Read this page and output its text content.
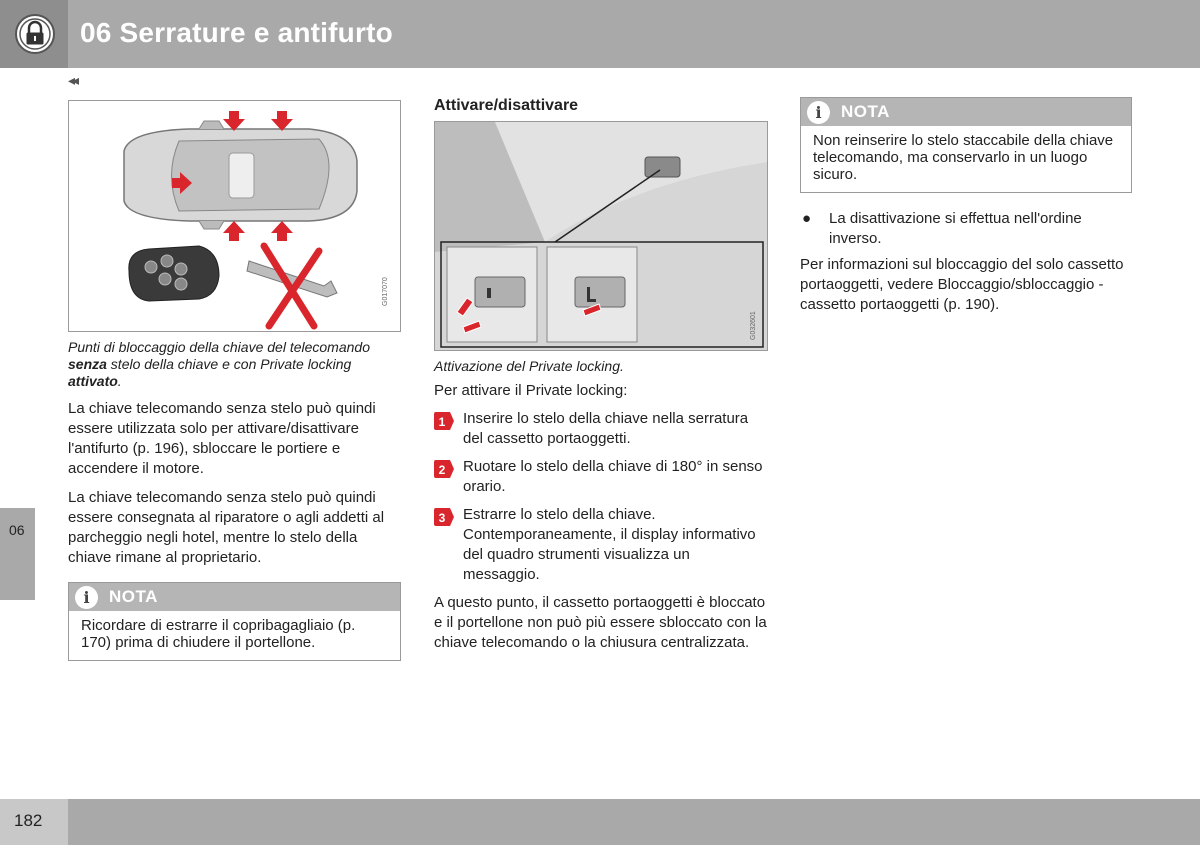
06 Serrature e antifurto
◂◂
06
182
G017070
Punti di bloccaggio della chiave del telecomando senza stelo della chiave e con Private locking attivato.

La chiave telecomando senza stelo può quindi essere utilizzata solo per attivare/disattivare l'antifurto (p. 196), sbloccare le portiere e accendere il motore.

La chiave telecomando senza stelo può quindi essere consegnata al riparatore o agli addetti al parcheggio negli hotel, mentre lo stelo della chiave rimane al proprietario.

i	NOTA
Ricordare di estrarre il copribagagliaio (p. 170) prima di chiudere il portellone.
Attivare/disattivare
G032601
Attivazione del Private locking.

Per attivare il Private locking:

1 Inserire lo stelo della chiave nella serratura del cassetto portaoggetti.
2 Ruotare lo stelo della chiave di 180° in senso orario.
3 Estrarre lo stelo della chiave. Contemporaneamente, il display informativo del quadro strumenti visualizza un messaggio.

A questo punto, il cassetto portaoggetti è bloccato e il portellone non può più essere sbloccato con la chiave telecomando o la chiusura centralizzata.

i	NOTA
Non reinserire lo stelo staccabile della chiave telecomando, ma conservarlo in un luogo sicuro.
● La disattivazione si effettua nell'ordine inverso.

Per informazioni sul bloccaggio del solo cassetto portaoggetti, vedere Bloccaggio/sbloccaggio - cassetto portaoggetti (p. 190).
